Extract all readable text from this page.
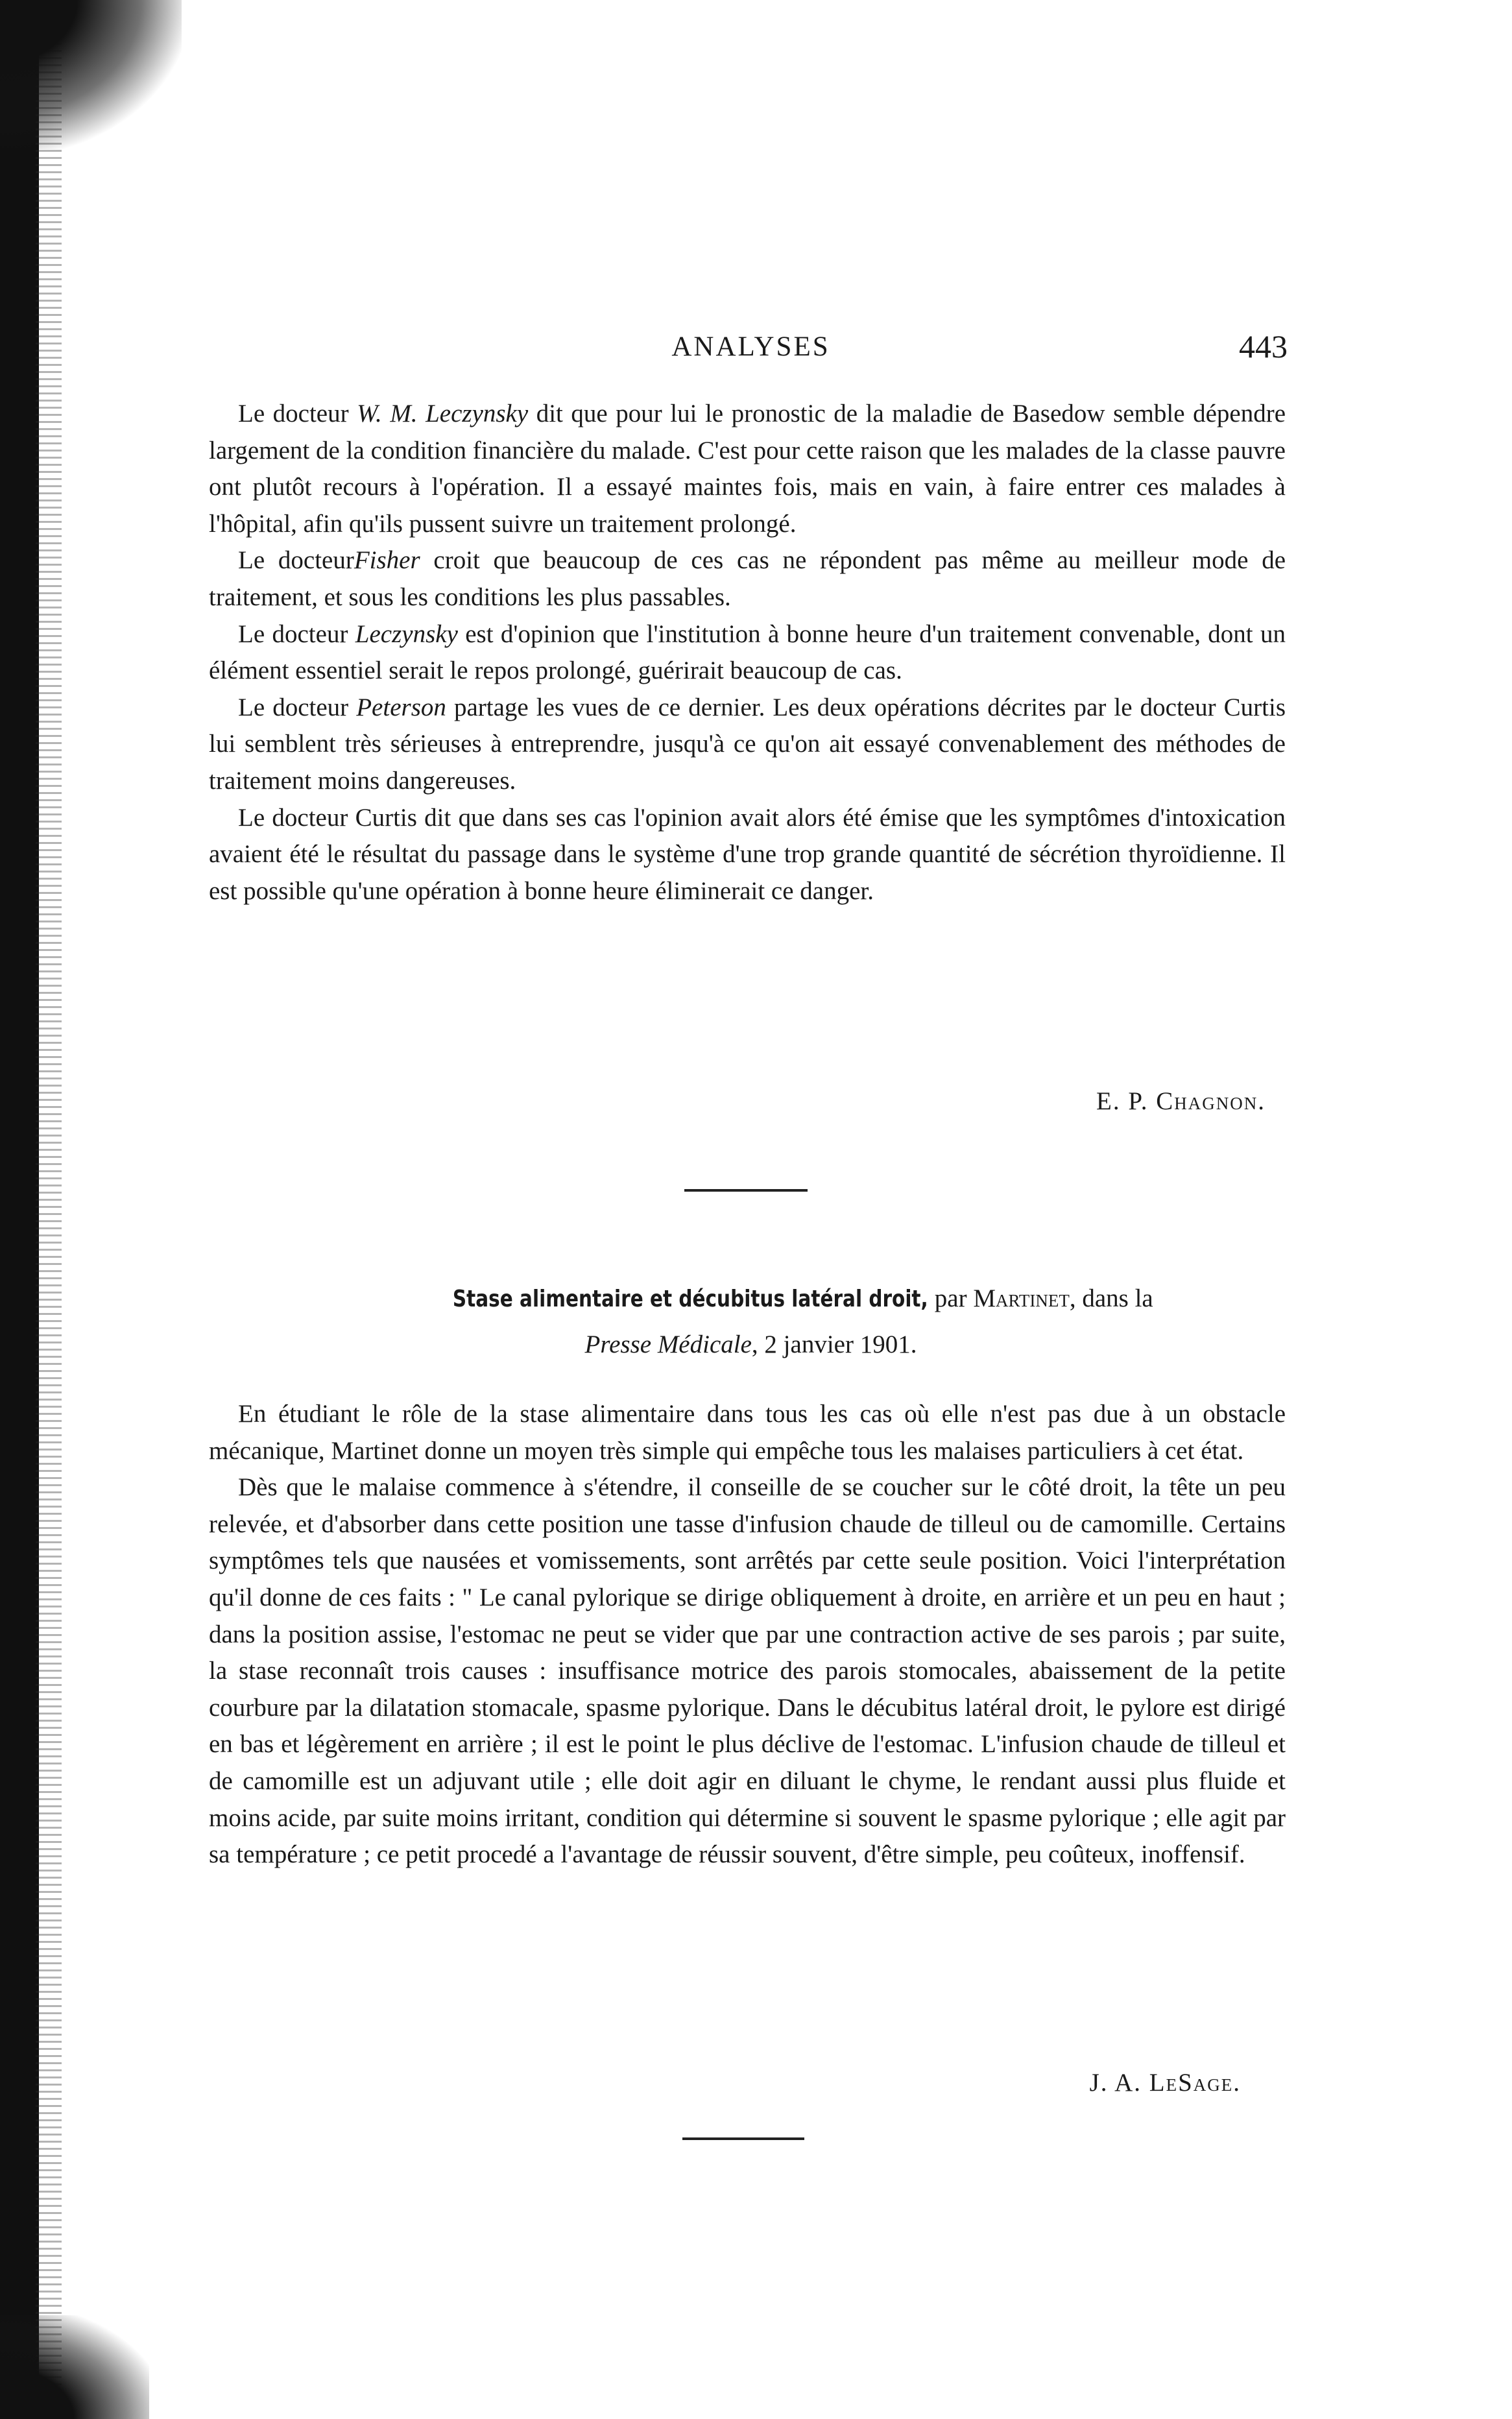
ANALYSES	443

Le docteur W. M. Leczynsky dit que pour lui le pronostic de la maladie de Basedow semble dépendre largement de la condition financière du malade. C'est pour cette raison que les malades de la classe pauvre ont plutôt recours à l'opération. Il a essayé maintes fois, mais en vain, à faire entrer ces malades à l'hôpital, afin qu'ils pussent suivre un traitement prolongé.

Le docteurFisher croit que beaucoup de ces cas ne répondent pas même au meilleur mode de traitement, et sous les conditions les plus passables.

Le docteur Leczynsky est d'opinion que l'institution à bonne heure d'un traitement convenable, dont un élément essentiel serait le repos prolongé, guérirait beaucoup de cas.

Le docteur Peterson partage les vues de ce dernier. Les deux opérations décrites par le docteur Curtis lui semblent très sérieuses à entreprendre, jusqu'à ce qu'on ait essayé convenablement des méthodes de traitement moins dangereuses.

Le docteur Curtis dit que dans ses cas l'opinion avait alors été émise que les symptômes d'intoxication avaient été le résultat du passage dans le système d'une trop grande quantité de sécrétion thyroïdienne. Il est possible qu'une opération à bonne heure éliminerait ce danger.

E. P. Chagnon.
Stase alimentaire et décubitus latéral droit, par Martinet, dans la
Presse Médicale, 2 janvier 1901.

En étudiant le rôle de la stase alimentaire dans tous les cas où elle n'est pas due à un obstacle mécanique, Martinet donne un moyen très simple qui empêche tous les malaises particuliers à cet état.

Dès que le malaise commence à s'étendre, il conseille de se coucher sur le côté droit, la tête un peu relevée, et d'absorber dans cette position une tasse d'infusion chaude de tilleul ou de camomille. Certains symptômes tels que nausées et vomissements, sont arrêtés par cette seule position. Voici l'interprétation qu'il donne de ces faits : " Le canal pylorique se dirige obliquement à droite, en arrière et un peu en haut ; dans la position assise, l'estomac ne peut se vider que par une contraction active de ses parois ; par suite, la stase reconnaît trois causes : insuffisance motrice des parois stomocales, abaissement de la petite courbure par la dilatation stomacale, spasme pylorique. Dans le décubitus latéral droit, le pylore est dirigé en bas et légèrement en arrière ; il est le point le plus déclive de l'estomac. L'infusion chaude de tilleul et de camomille est un adjuvant utile ; elle doit agir en diluant le chyme, le rendant aussi plus fluide et moins acide, par suite moins irritant, condition qui détermine si souvent le spasme pylorique ; elle agit par sa température ; ce petit procedé a l'avantage de réussir souvent, d'être simple, peu coûteux, inoffensif.

J. A. LeSage.
